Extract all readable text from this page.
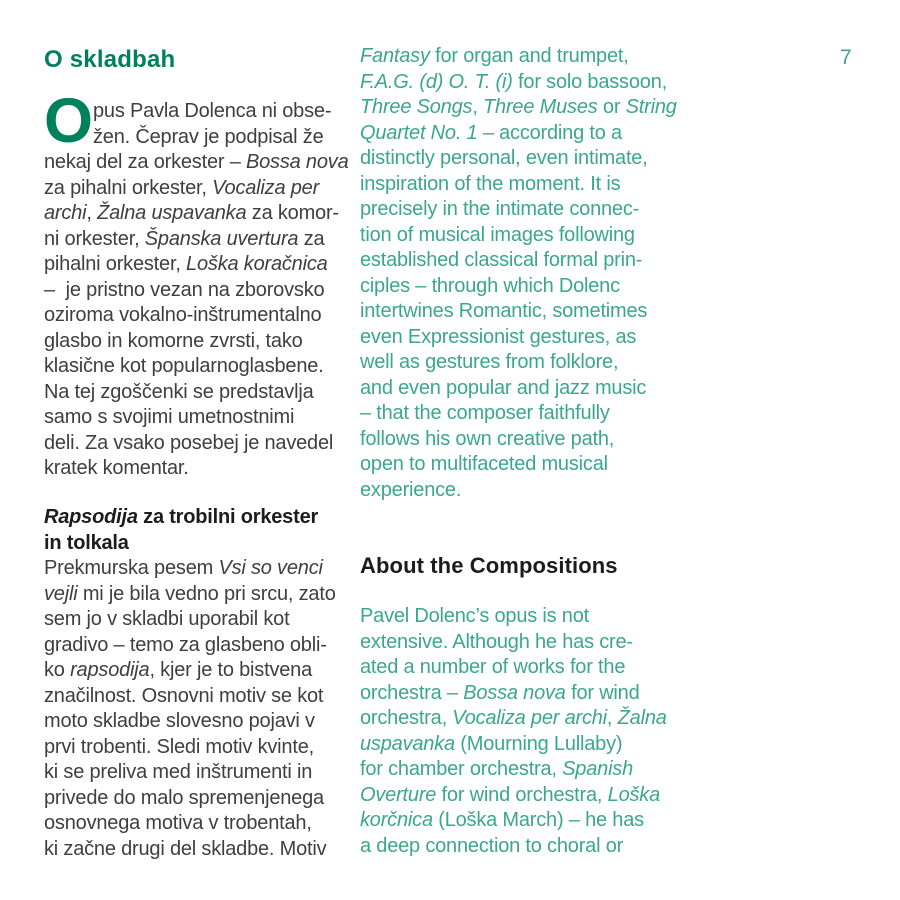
7
O skladbah
O pus Pavla Dolenca ni obse-
žen. Čeprav je podpisal že
nekaj del za orkester – Bossa nova
za pihalni orkester, Vocaliza per
archi, Žalna uspavanka za komor-
ni orkester, Španska uvertura za
pihalni orkester, Loška koračnica
–  je pristno vezan na zborovsko
oziroma vokalno-inštrumentalno
glasbo in komorne zvrsti, tako
klasične kot popularnoglasbene.
Na tej zgoščenki se predstavlja
samo s svojimi umetnostnimi
deli. Za vsako posebej je navedel
kratek komentar.
Rapsodija za trobilni orkester
in tolkala
Prekmurska pesem Vsi so venci
vejli mi je bila vedno pri srcu, zato
sem jo v skladbi uporabil kot
gradivo – temo za glasbeno obli-
ko rapsodija, kjer je to bistvena
značilnost. Osnovni motiv se kot
moto skladbe slovesno pojavi v
prvi trobenti. Sledi motiv kvinte,
ki se preliva med inštrumenti in
privede do malo spremenjenega
osnovnega motiva v trobentah,
ki začne drugi del skladbe. Motiv
Fantasy for organ and trumpet,
F.A.G. (d) O. T. (i) for solo bassoon,
Three Songs, Three Muses or String
Quartet No. 1 – according to a
distinctly personal, even intimate,
inspiration of the moment. It is
precisely in the intimate connec-
tion of musical images following
established classical formal prin-
ciples – through which Dolenc
intertwines Romantic, sometimes
even Expressionist gestures, as
well as gestures from folklore,
and even popular and jazz music
– that the composer faithfully
follows his own creative path,
open to multifaceted musical
experience.
About the Compositions
Pavel Dolenc’s opus is not
extensive. Although he has cre-
ated a number of works for the
orchestra – Bossa nova for wind
orchestra, Vocaliza per archi, Žalna
uspavanka (Mourning Lullaby)
for chamber orchestra, Spanish
Overture for wind orchestra, Loška
korčnica (Loška March) – he has
a deep connection to choral or
